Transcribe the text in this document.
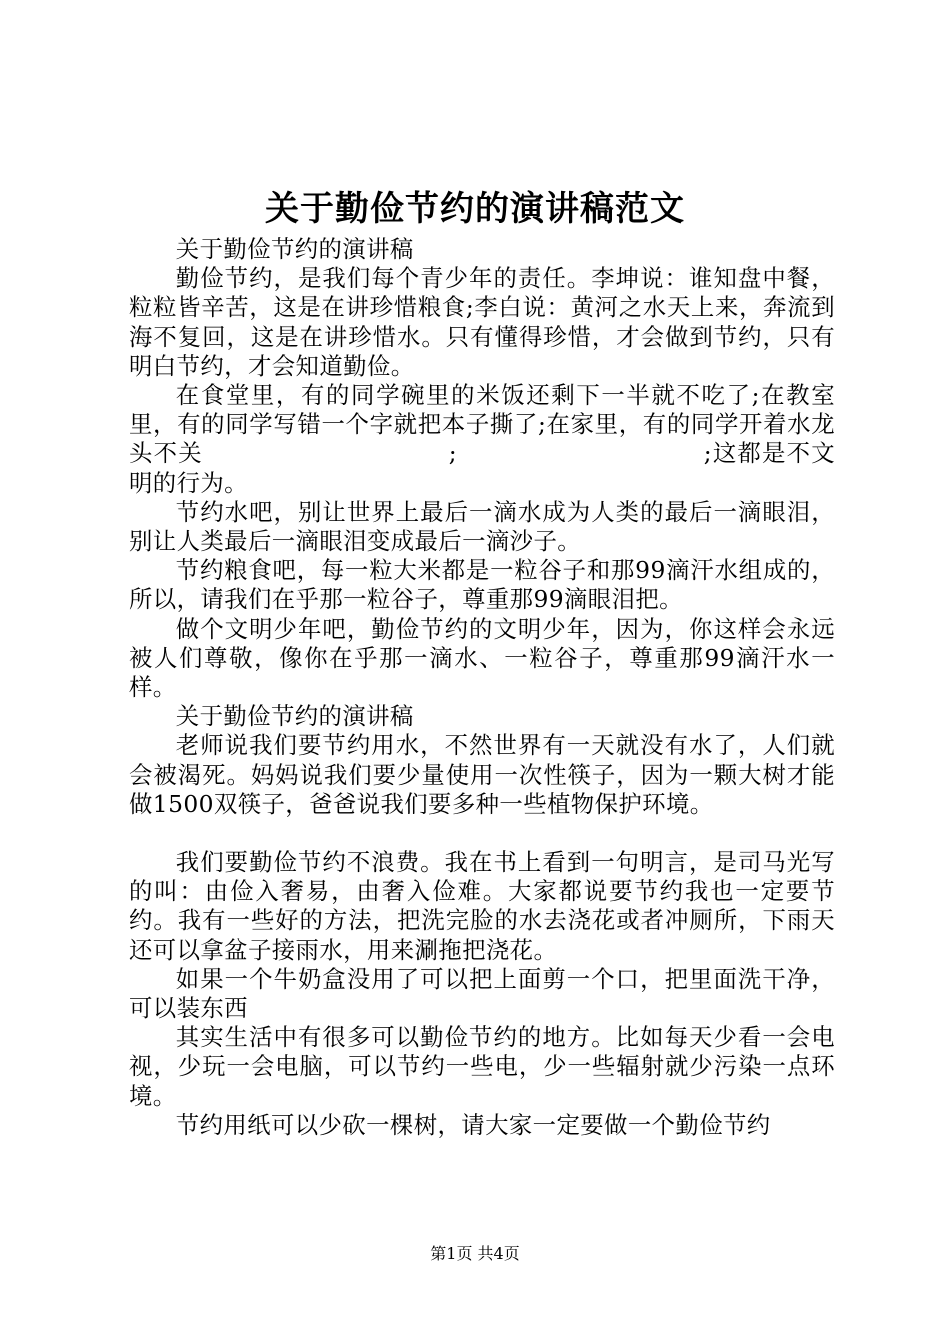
关于勤俭节约的演讲稿范文

关于勤俭节约的演讲稿

勤俭节约，是我们每个青少年的责任。李坤说：谁知盘中餐，粒粒皆辛苦，这是在讲珍惜粮食;李白说：黄河之水天上来，奔流到海不复回，这是在讲珍惜水。只有懂得珍惜，才会做到节约，只有明白节约，才会知道勤俭。

在食堂里，有的同学碗里的米饭还剩下一半就不吃了;在教室里，有的同学写错一个字就把本子撕了;在家里，有的同学开着水龙头不关　　　　　　　　　　;　　　　　　　　　　;这都是不文明的行为。

节约水吧，别让世界上最后一滴水成为人类的最后一滴眼泪，别让人类最后一滴眼泪变成最后一滴沙子。

节约粮食吧，每一粒大米都是一粒谷子和那99滴汗水组成的，所以，请我们在乎那一粒谷子，尊重那99滴眼泪把。

做个文明少年吧，勤俭节约的文明少年，因为，你这样会永远被人们尊敬，像你在乎那一滴水、一粒谷子，尊重那99滴汗水一样。

关于勤俭节约的演讲稿

老师说我们要节约用水，不然世界有一天就没有水了，人们就会被渴死。妈妈说我们要少量使用一次性筷子，因为一颗大树才能做1500双筷子，爸爸说我们要多种一些植物保护环境。

我们要勤俭节约不浪费。我在书上看到一句明言，是司马光写的叫：由俭入奢易，由奢入俭难。大家都说要节约我也一定要节约。我有一些好的方法，把洗完脸的水去浇花或者冲厕所，下雨天还可以拿盆子接雨水，用来涮拖把浇花。

如果一个牛奶盒没用了可以把上面剪一个口，把里面洗干净，可以装东西

其实生活中有很多可以勤俭节约的地方。比如每天少看一会电视，少玩一会电脑，可以节约一些电，少一些辐射就少污染一点环境。

节约用纸可以少砍一棵树，请大家一定要做一个勤俭节约

第1页 共4页
